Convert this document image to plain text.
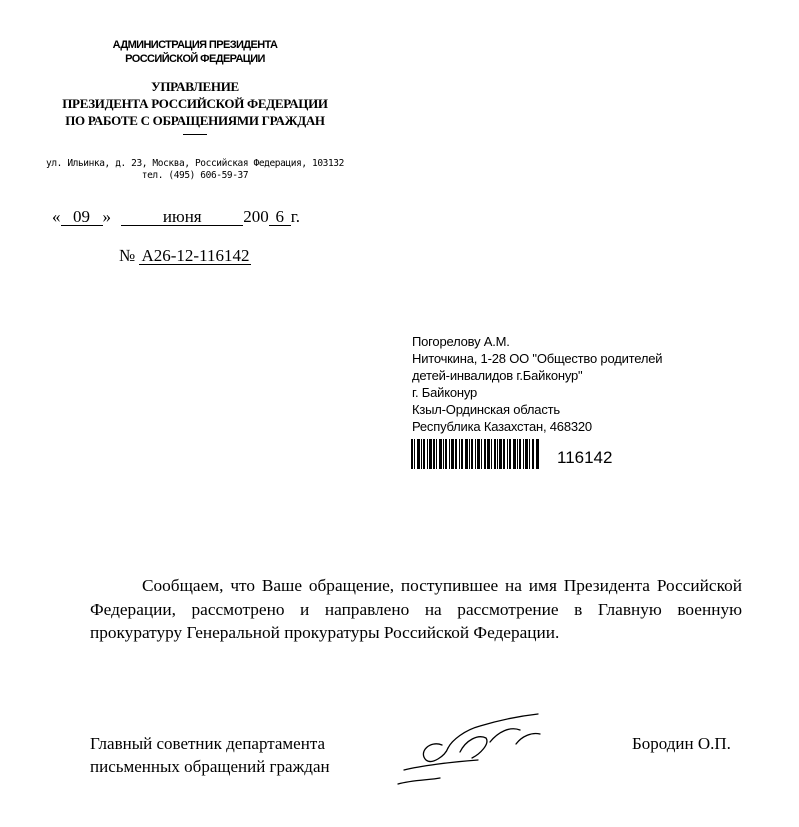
АДМИНИСТРАЦИЯ ПРЕЗИДЕНТА
РОССИЙСКОЙ ФЕДЕРАЦИИ
УПРАВЛЕНИЕ
ПРЕЗИДЕНТА РОССИЙСКОЙ ФЕДЕРАЦИИ
ПО РАБОТЕ С ОБРАЩЕНИЯМИ ГРАЖДАН
ул. Ильинка, д. 23, Москва, Российская Федерация, 103132
тел. (495) 606-59-37
« 09 »	июня 200 6 г.
№ А26-12-116142
Погорелову А.М.
Ниточкина, 1-28 ОО "Общество родителей
детей-инвалидов г.Байконур"
г. Байконур
Кзыл-Ординская область
Республика Казахстан, 468320
116142
Сообщаем, что Ваше обращение, поступившее на имя Президента Российской Федерации, рассмотрено и направлено на рассмотрение в Главную военную прокуратуру Генеральной прокуратуры Российской Федерации.
Главный советник департамента
письменных обращений граждан
Бородин О.П.
